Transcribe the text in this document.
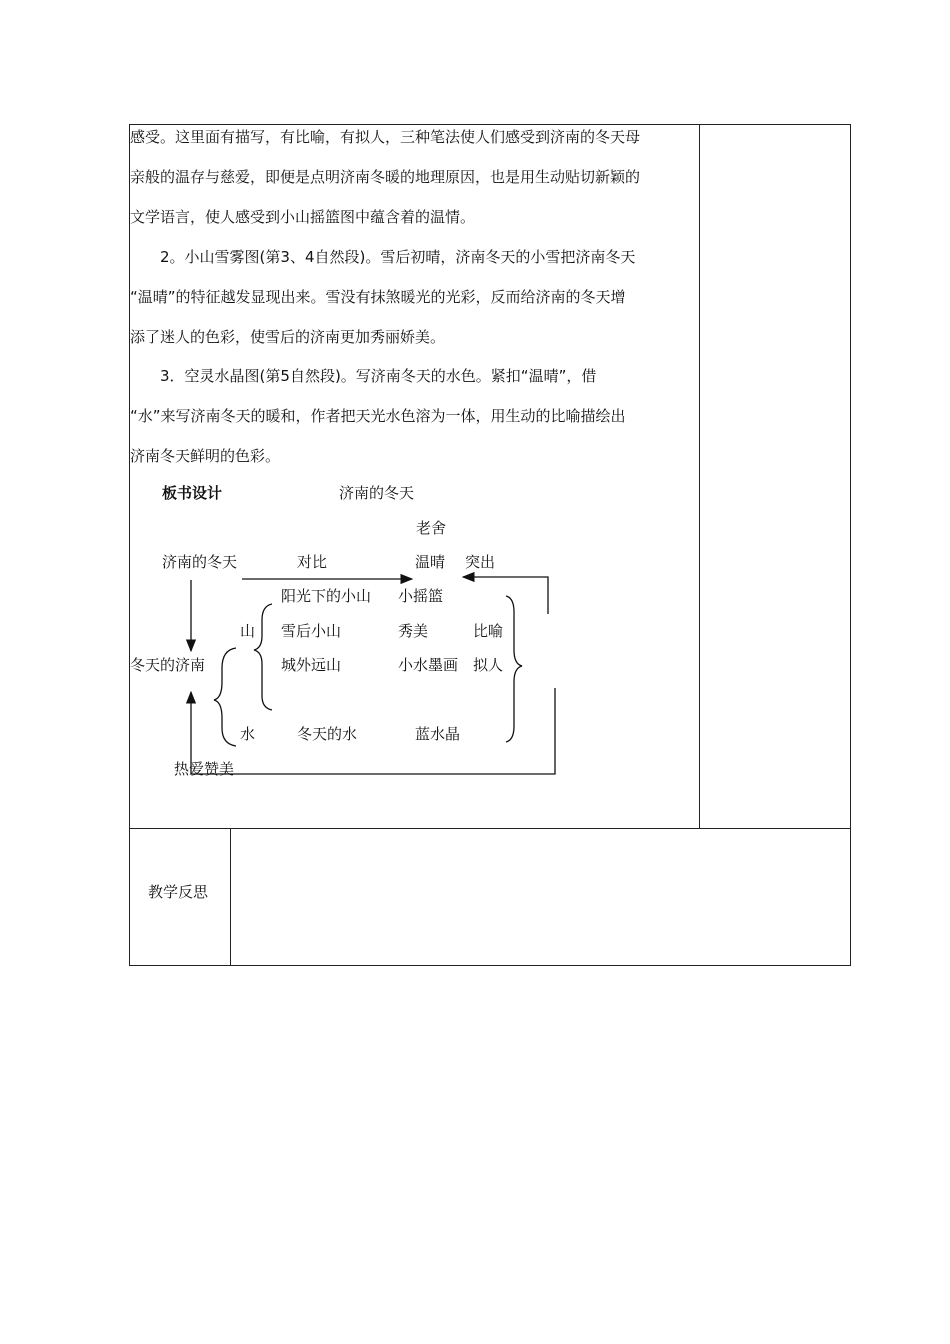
感受。这里面有描写，有比喻，有拟人，三种笔法使人们感受到济南的冬天母
亲般的温存与慈爱，即便是点明济南冬暖的地理原因，也是用生动贴切新颖的
文学语言，使人感受到小山摇篮图中蕴含着的温情。
　　2。小山雪雾图(第3、4自然段)。雪后初晴，济南冬天的小雪把济南冬天
“温晴”的特征越发显现出来。雪没有抹煞暖光的光彩，反而给济南的冬天增
添了迷人的色彩，使雪后的济南更加秀丽娇美。
　　3．空灵水晶图(第5自然段)。写济南冬天的水色。紧扣“温晴”，借
“水”来写济南冬天的暖和，作者把天光水色溶为一体，用生动的比喻描绘出
济南冬天鲜明的色彩。
板书设计	济南的冬天
老舍
济南的冬天	对比	温晴 突出
阳光下的小山 小摇篮
山 雪后小山	秀美	比喻
冬天的济南	城外远山	小水墨画 拟人
水	冬天的水	蓝水晶
热爱赞美
教学反思
